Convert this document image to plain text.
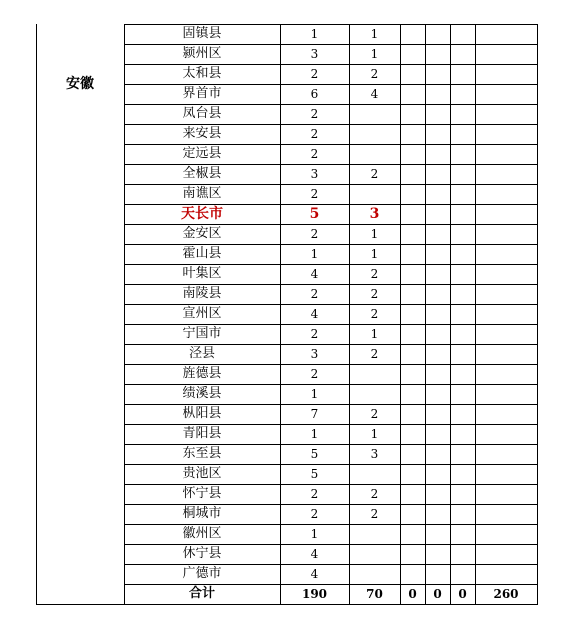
安徽
固镇县	1	1
颍州区	3	1
太和县	2	2
界首市	6	4
凤台县	2
来安县	2
定远县	2
全椒县	3	2
南谯区	2
天长市	5	3
金安区	2	1
霍山县	1	1
叶集区	4	2
南陵县	2	2
宣州区	4	2
宁国市	2	1
泾县	3	2
旌德县	2
绩溪县	1
枞阳县	7	2
青阳县	1	1
东至县	5	3
贵池区	5
怀宁县	2	2
桐城市	2	2
徽州区	1
休宁县	4
广德市	4
合计	190	70	0	0	0	260
